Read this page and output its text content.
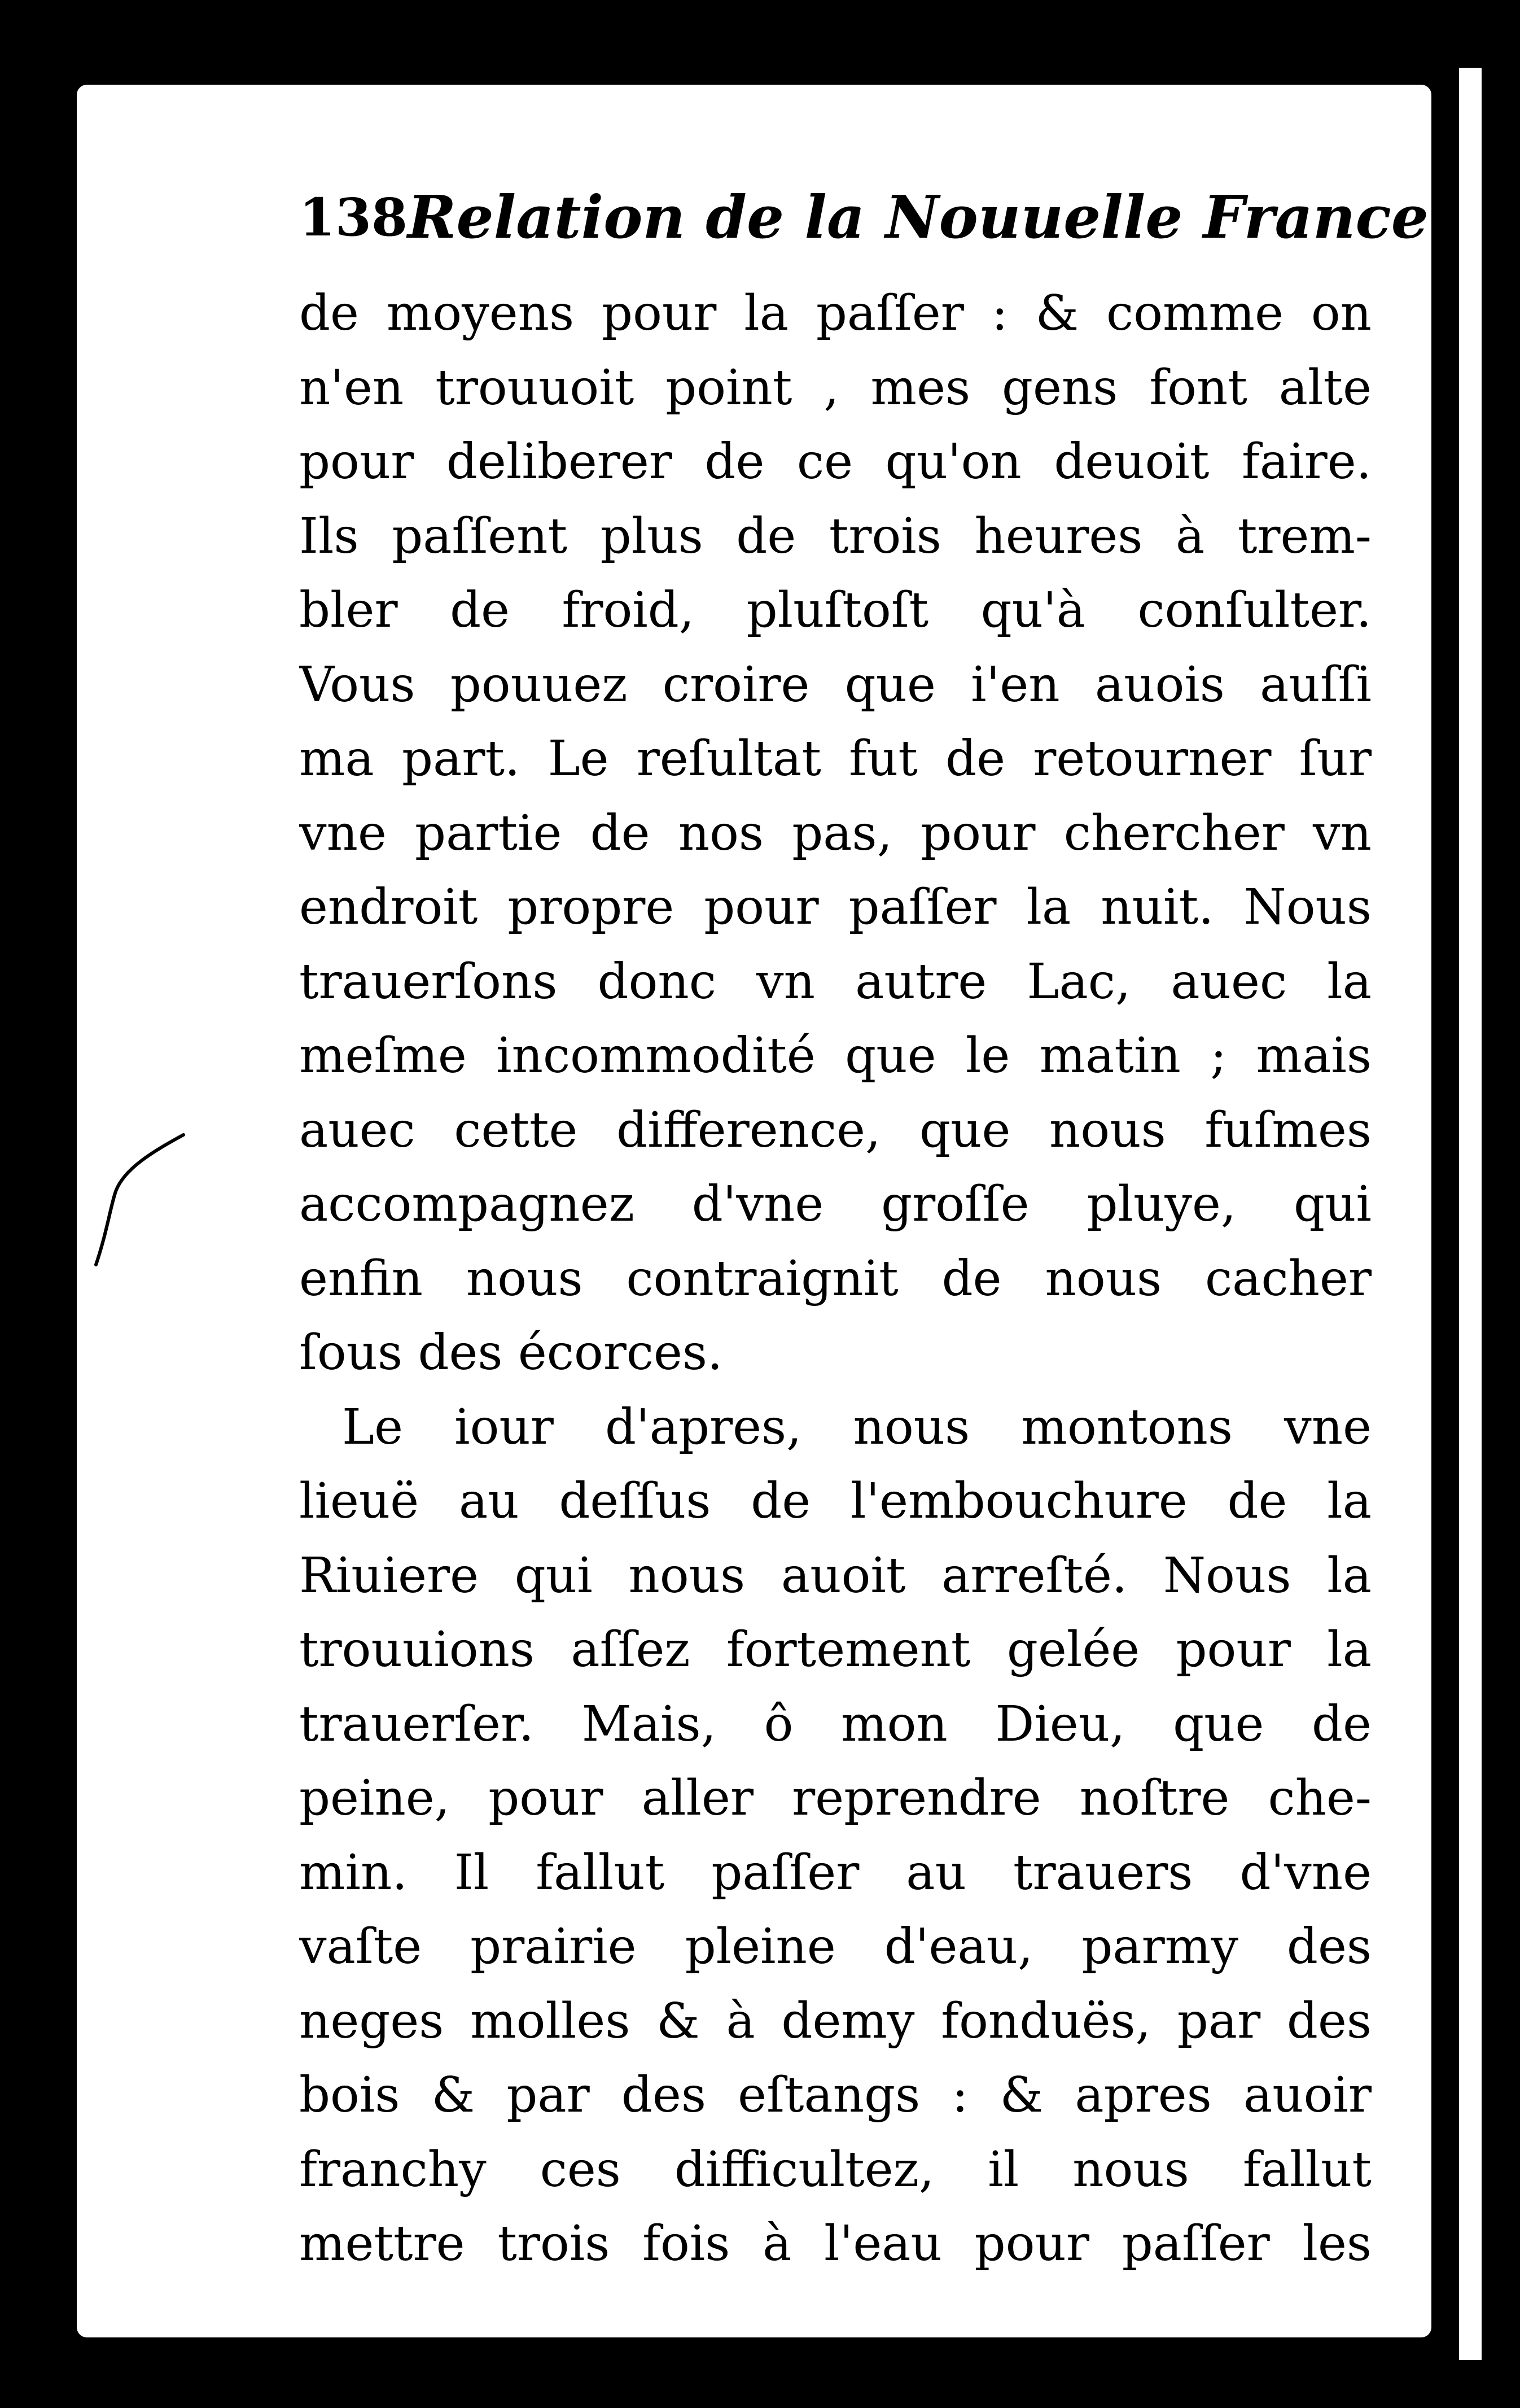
138 Relation de la Nouuelle France
de moyens pour la paſſer : & comme on
n'en trouuoit point , mes gens font alte
pour deliberer de ce qu'on deuoit faire.
Ils paſſent plus de trois heures à trem-
bler de froid, pluſtoſt qu'à conſulter.
Vous pouuez croire que i'en auois auſſi
ma part. Le reſultat fut de retourner ſur
vne partie de nos pas, pour chercher vn
endroit propre pour paſſer la nuit. Nous
trauerſons donc vn autre Lac, auec la
meſme incommodité que le matin ; mais
auec cette difference, que nous fuſmes
accompagnez d'vne groſſe pluye, qui
enfin nous contraignit de nous cacher
ſous des écorces.
Le iour d'apres, nous montons vne
lieuë au deſſus de l'embouchure de la
Riuiere qui nous auoit arreſté. Nous la
trouuions aſſez fortement gelée pour la
trauerſer. Mais, ô mon Dieu, que de
peine, pour aller reprendre noſtre che-
min. Il fallut paſſer au trauers d'vne
vaſte prairie pleine d'eau, parmy des
neges molles & à demy fonduës, par des
bois & par des eſtangs : & apres auoir
franchy ces difficultez, il nous fallut
mettre trois fois à l'eau pour paſſer les
